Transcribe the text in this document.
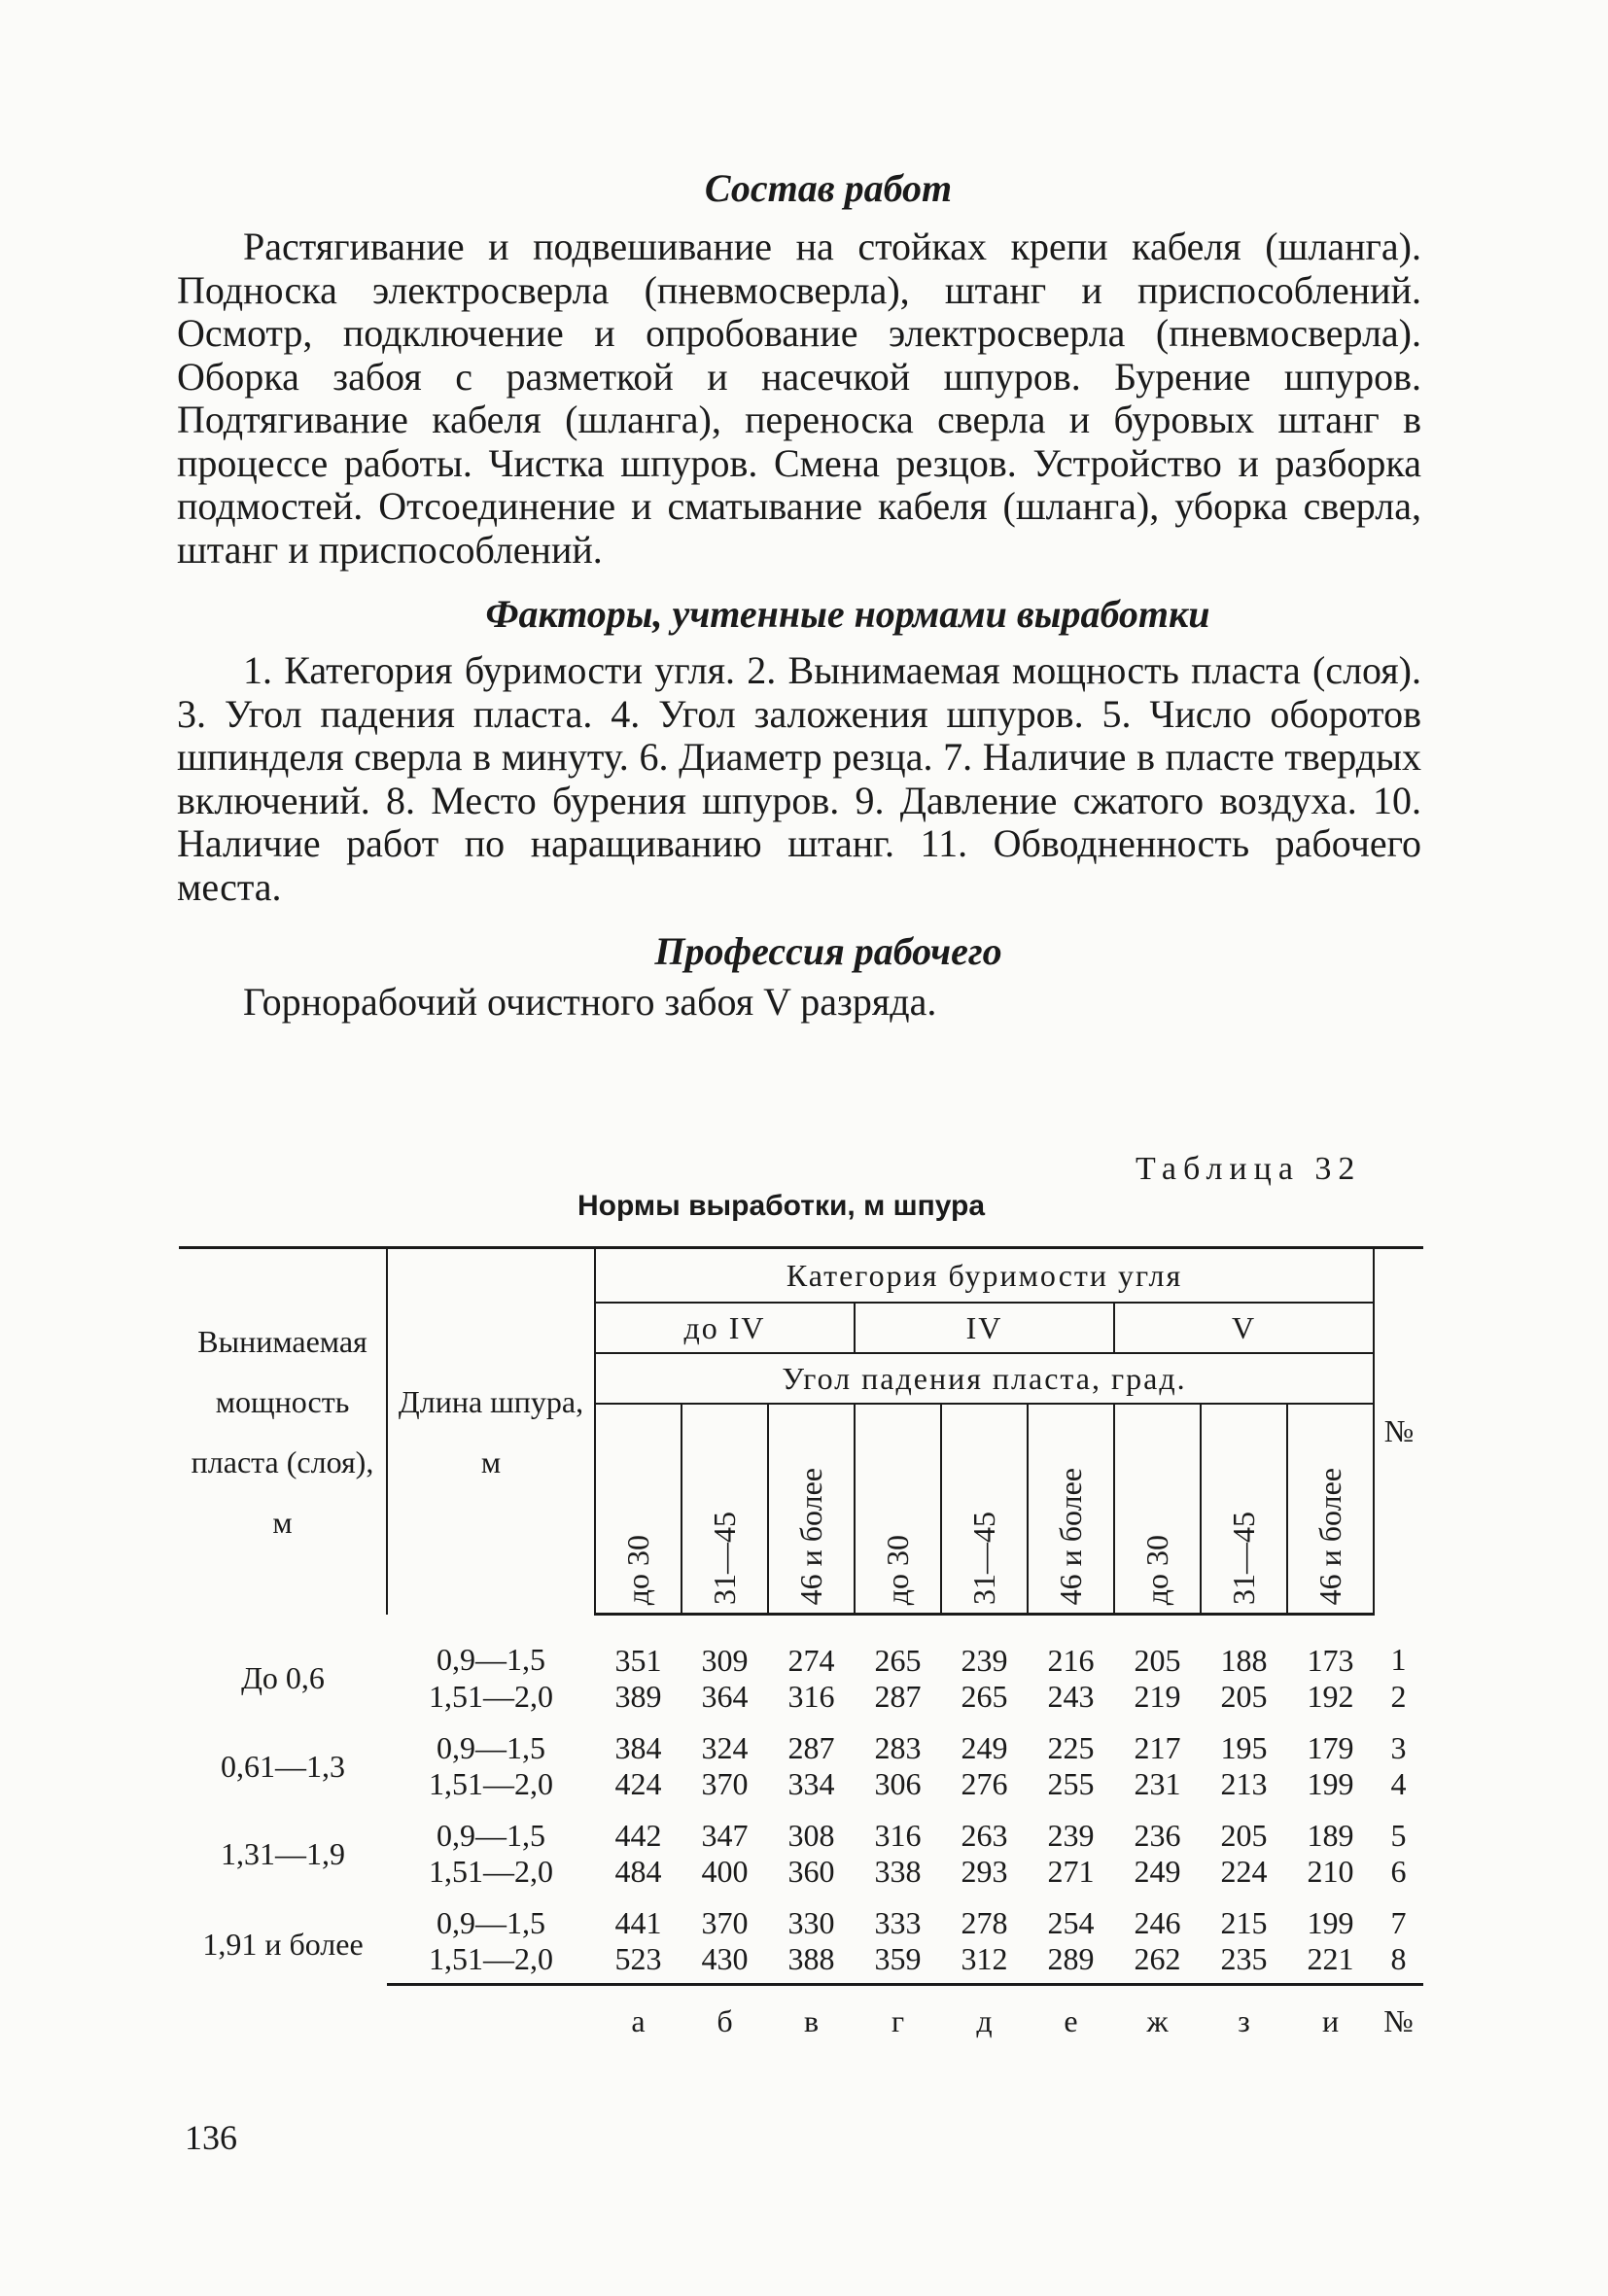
Состав работ

Растягивание и подвешивание на стойках крепи кабеля (шланга). Подноска электросверла (пневмосверла), штанг и приспособлений. Осмотр, подключение и опробование электросверла (пневмосверла). Оборка забоя с разметкой и насечкой шпуров. Бурение шпуров. Подтягивание кабеля (шланга), переноска сверла и буровых штанг в процессе работы. Чистка шпуров. Смена резцов. Устройство и разборка подмостей. Отсоединение и сматывание кабеля (шланга), уборка сверла, штанг и приспособлений.

Факторы, учтенные нормами выработки

1. Категория буримости угля. 2. Вынимаемая мощность пласта (слоя). 3. Угол падения пласта. 4. Угол заложения шпуров. 5. Число оборотов шпинделя сверла в минуту. 6. Диаметр резца. 7. Наличие в пласте твердых включений. 8. Место бурения шпуров. 9. Давление сжатого воздуха. 10. Наличие работ по наращиванию штанг. 11. Обводненность рабочего места.

Профессия рабочего

Горнорабочий очистного забоя V разряда.

Таблица 32
Нормы выработки, м шпура
Вынимаемая мощность пласта (слоя), м	Длина шпура, м	Категория буримости угля									№
		до IV			IV			V			
		Угол падения пласта, град.									
		до 30	31—45	46 и более	до 30	31—45	46 и более	до 30	31—45	46 и более	
До 0,6	0,9—1,5	351	309	274	265	239	216	205	188	173	1
	1,51—2,0	389	364	316	287	265	243	219	205	192	2
0,61—1,3	0,9—1,5	384	324	287	283	249	225	217	195	179	3
	1,51—2,0	424	370	334	306	276	255	231	213	199	4
1,31—1,9	0,9—1,5	442	347	308	316	263	239	236	205	189	5
	1,51—2,0	484	400	360	338	293	271	249	224	210	6
1,91 и более	0,9—1,5	441	370	330	333	278	254	246	215	199	7
	1,51—2,0	523	430	388	359	312	289	262	235	221	8
		а	б	в	г	д	е	ж	з	и	№
136
